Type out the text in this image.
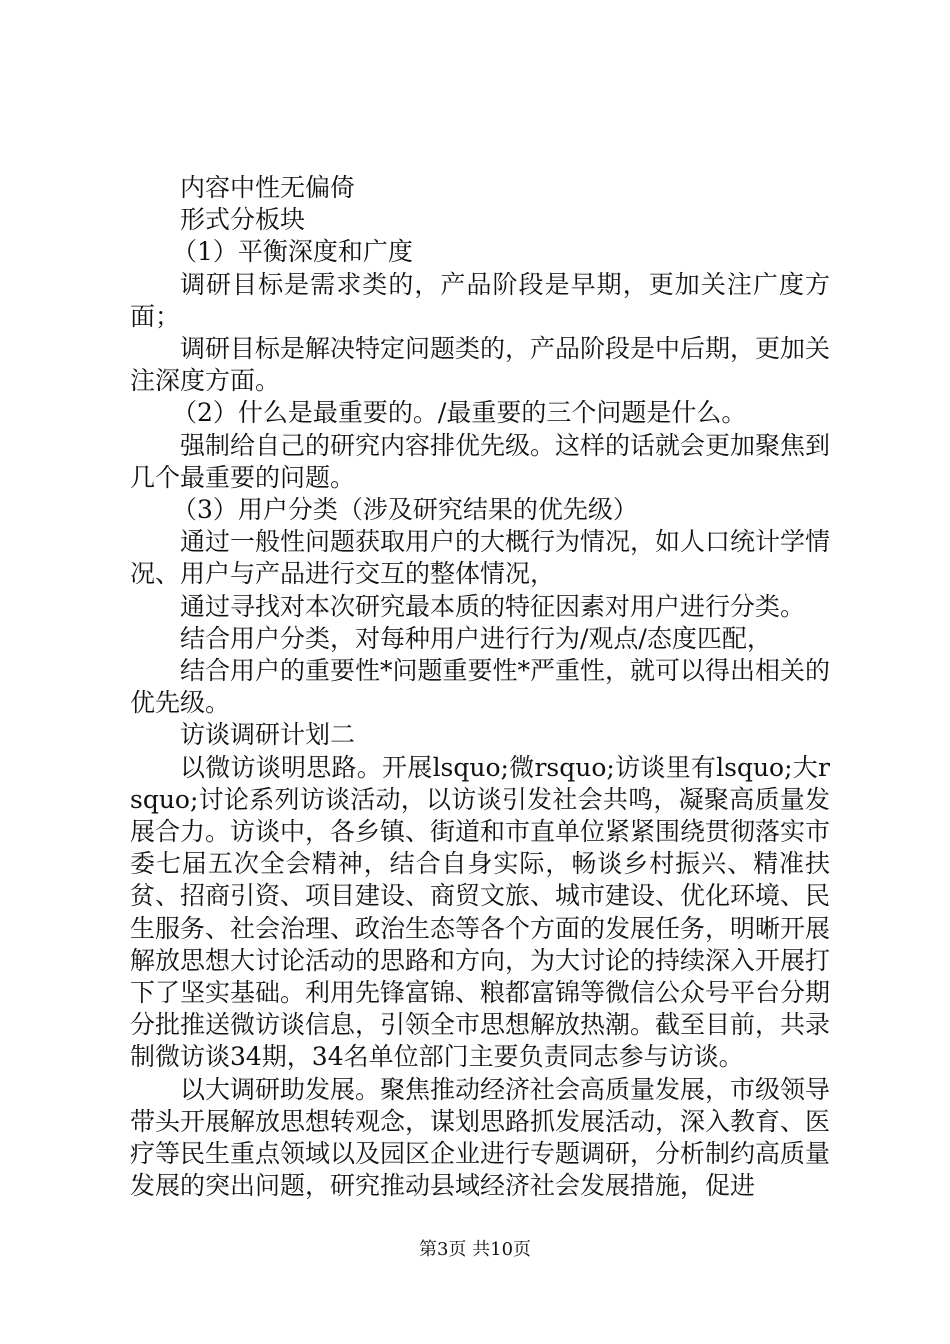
内容中性无偏倚

形式分板块

（1）平衡深度和广度

调研目标是需求类的，产品阶段是早期，更加关注广度方面；

调研目标是解决特定问题类的，产品阶段是中后期，更加关注深度方面。

（2）什么是最重要的。/最重要的三个问题是什么。

强制给自己的研究内容排优先级。这样的话就会更加聚焦到几个最重要的问题。

（3）用户分类（涉及研究结果的优先级）

通过一般性问题获取用户的大概行为情况，如人口统计学情况、用户与产品进行交互的整体情况，

通过寻找对本次研究最本质的特征因素对用户进行分类。

结合用户分类，对每种用户进行行为/观点/态度匹配，

结合用户的重要性*问题重要性*严重性，就可以得出相关的优先级。

访谈调研计划二

以微访谈明思路。开展lsquo;微rsquo;访谈里有lsquo;大rsquo;讨论系列访谈活动，以访谈引发社会共鸣，凝聚高质量发展合力。访谈中，各乡镇、街道和市直单位紧紧围绕贯彻落实市委七届五次全会精神，结合自身实际，畅谈乡村振兴、精准扶贫、招商引资、项目建设、商贸文旅、城市建设、优化环境、民生服务、社会治理、政治生态等各个方面的发展任务，明晰开展解放思想大讨论活动的思路和方向，为大讨论的持续深入开展打下了坚实基础。利用先锋富锦、粮都富锦等微信公众号平台分期分批推送微访谈信息，引领全市思想解放热潮。截至目前，共录制微访谈34期，34名单位部门主要负责同志参与访谈。

以大调研助发展。聚焦推动经济社会高质量发展，市级领导带头开展解放思想转观念，谋划思路抓发展活动，深入教育、医疗等民生重点领域以及园区企业进行专题调研，分析制约高质量发展的突出问题，研究推动县域经济社会发展措施，促进

第3页 共10页
